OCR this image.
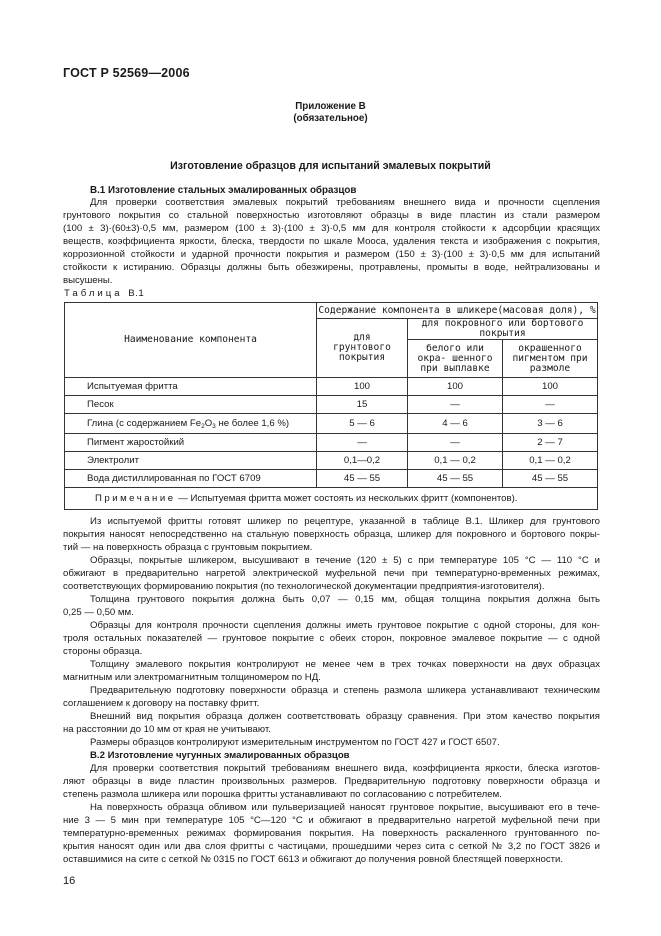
ГОСТ Р 52569—2006
Приложение В
(обязательное)
Изготовление образцов для испытаний эмалевых покрытий
В.1 Изготовление стальных эмалированных образцов
Для проверки соответствия эмалевых покрытий требованиям внешнего вида и прочности сцепления
грунтового покрытия со стальной поверхностью изготовляют образцы в виде пластин из стали размером
(100 ± 3)·(60±3)·0,5 мм, размером (100 ± 3)·(100 ± 3)·0,5 мм для контроля стойкости к адсорбции красящих
веществ, коэффициента яркости, блеска, твердости по шкале Мооса, удаления текста и изображения с покрытия,
коррозионной стойкости и ударной прочности покрытия и размером (150 ± 3)·(100 ± 3)·0,5 мм для испытаний
стойкости к истиранию. Образцы должны быть обезжирены, протравлены, промыты в воде, нейтрализованы и
высушены.
Таблица В.1
Наименование компонента	Содержание компонента в шликере(масовая доля), %		
	для грунтового покрытия	для покровного или бортового покрытия	
		белого или окра- шенного при выплавке	окрашенного пигментом при размоле
Испытуемая фритта	100	100	100
Песок	15	—	—
Глина (с содержанием $Fe_2O_3$ не более 1,6 %)	5 — 6	4 — 6	3 — 6
Пигмент жаростойкий	—	—	2 — 7
Электролит	0,1—0,2	0,1 — 0,2	0,1 — 0,2
Вода дистиллированная по ГОСТ 6709	45 — 55	45 — 55	45 — 55
Примечание — Испытуемая фритта может состоять из нескольких фритт (компонентов).			
Из испытуемой фритты готовят шликер по рецептуре, указанной в таблице В.1. Шликер для грунтового
покрытия наносят непосредственно на стальную поверхность образца, шликер для покровного и бортового покры-
тий — на поверхность образца с грунтовым покрытием.
Образцы, покрытые шликером, высушивают в течение (120 ± 5) с при температуре 105 °С — 110 °С и
обжигают в предварительно нагретой электрической муфельной печи при температурно-временных режимах,
соответствующих формированию покрытия (по технологической документации предприятия-изготовителя).
Толщина грунтового покрытия должна быть 0,07 — 0,15 мм, общая толщина покрытия должна быть
0,25 — 0,50 мм.
Образцы для контроля прочности сцепления должны иметь грунтовое покрытие с одной стороны, для кон-
троля остальных показателей — грунтовое покрытие с обеих сторон, покровное эмалевое покрытие — с одной
стороны образца.
Толщину эмалевого покрытия контролируют не менее чем в трех точках поверхности на двух образцах
магнитным или электромагнитным толщиномером по НД.
Предварительную подготовку поверхности образца и степень размола шликера устанавливают техническим
соглашением к договору на поставку фритт.
Внешний вид покрытия образца должен соответствовать образцу сравнения. При этом качество покрытия
на расстоянии до 10 мм от края не учитывают.
Размеры образцов контролируют измерительным инструментом по ГОСТ 427 и ГОСТ 6507.
В.2 Изготовление чугунных эмалированных образцов
Для проверки соответствия покрытий требованиям внешнего вида, коэффициента яркости, блеска изготов-
ляют образцы в виде пластин произвольных размеров. Предварительную подготовку поверхности образца и
степень размола шликера или порошка фритты устанавливают по согласованию с потребителем.
На поверхность образца обливом или пульверизацией наносят грунтовое покрытие, высушивают его в тече-
ние 3 — 5 мин при температуре 105 °С—120 °С и обжигают в предварительно нагретой муфельной печи при
температурно-временных режимах формирования покрытия. На поверхность раскаленного грунтованного по-
крытия наносят один или два слоя фритты с частицами, прошедшими через сита с сеткой № 3,2 по ГОСТ 3826 и
оставшимися на сите с сеткой № 0315 по ГОСТ 6613 и обжигают до получения ровной блестящей поверхности.
16
